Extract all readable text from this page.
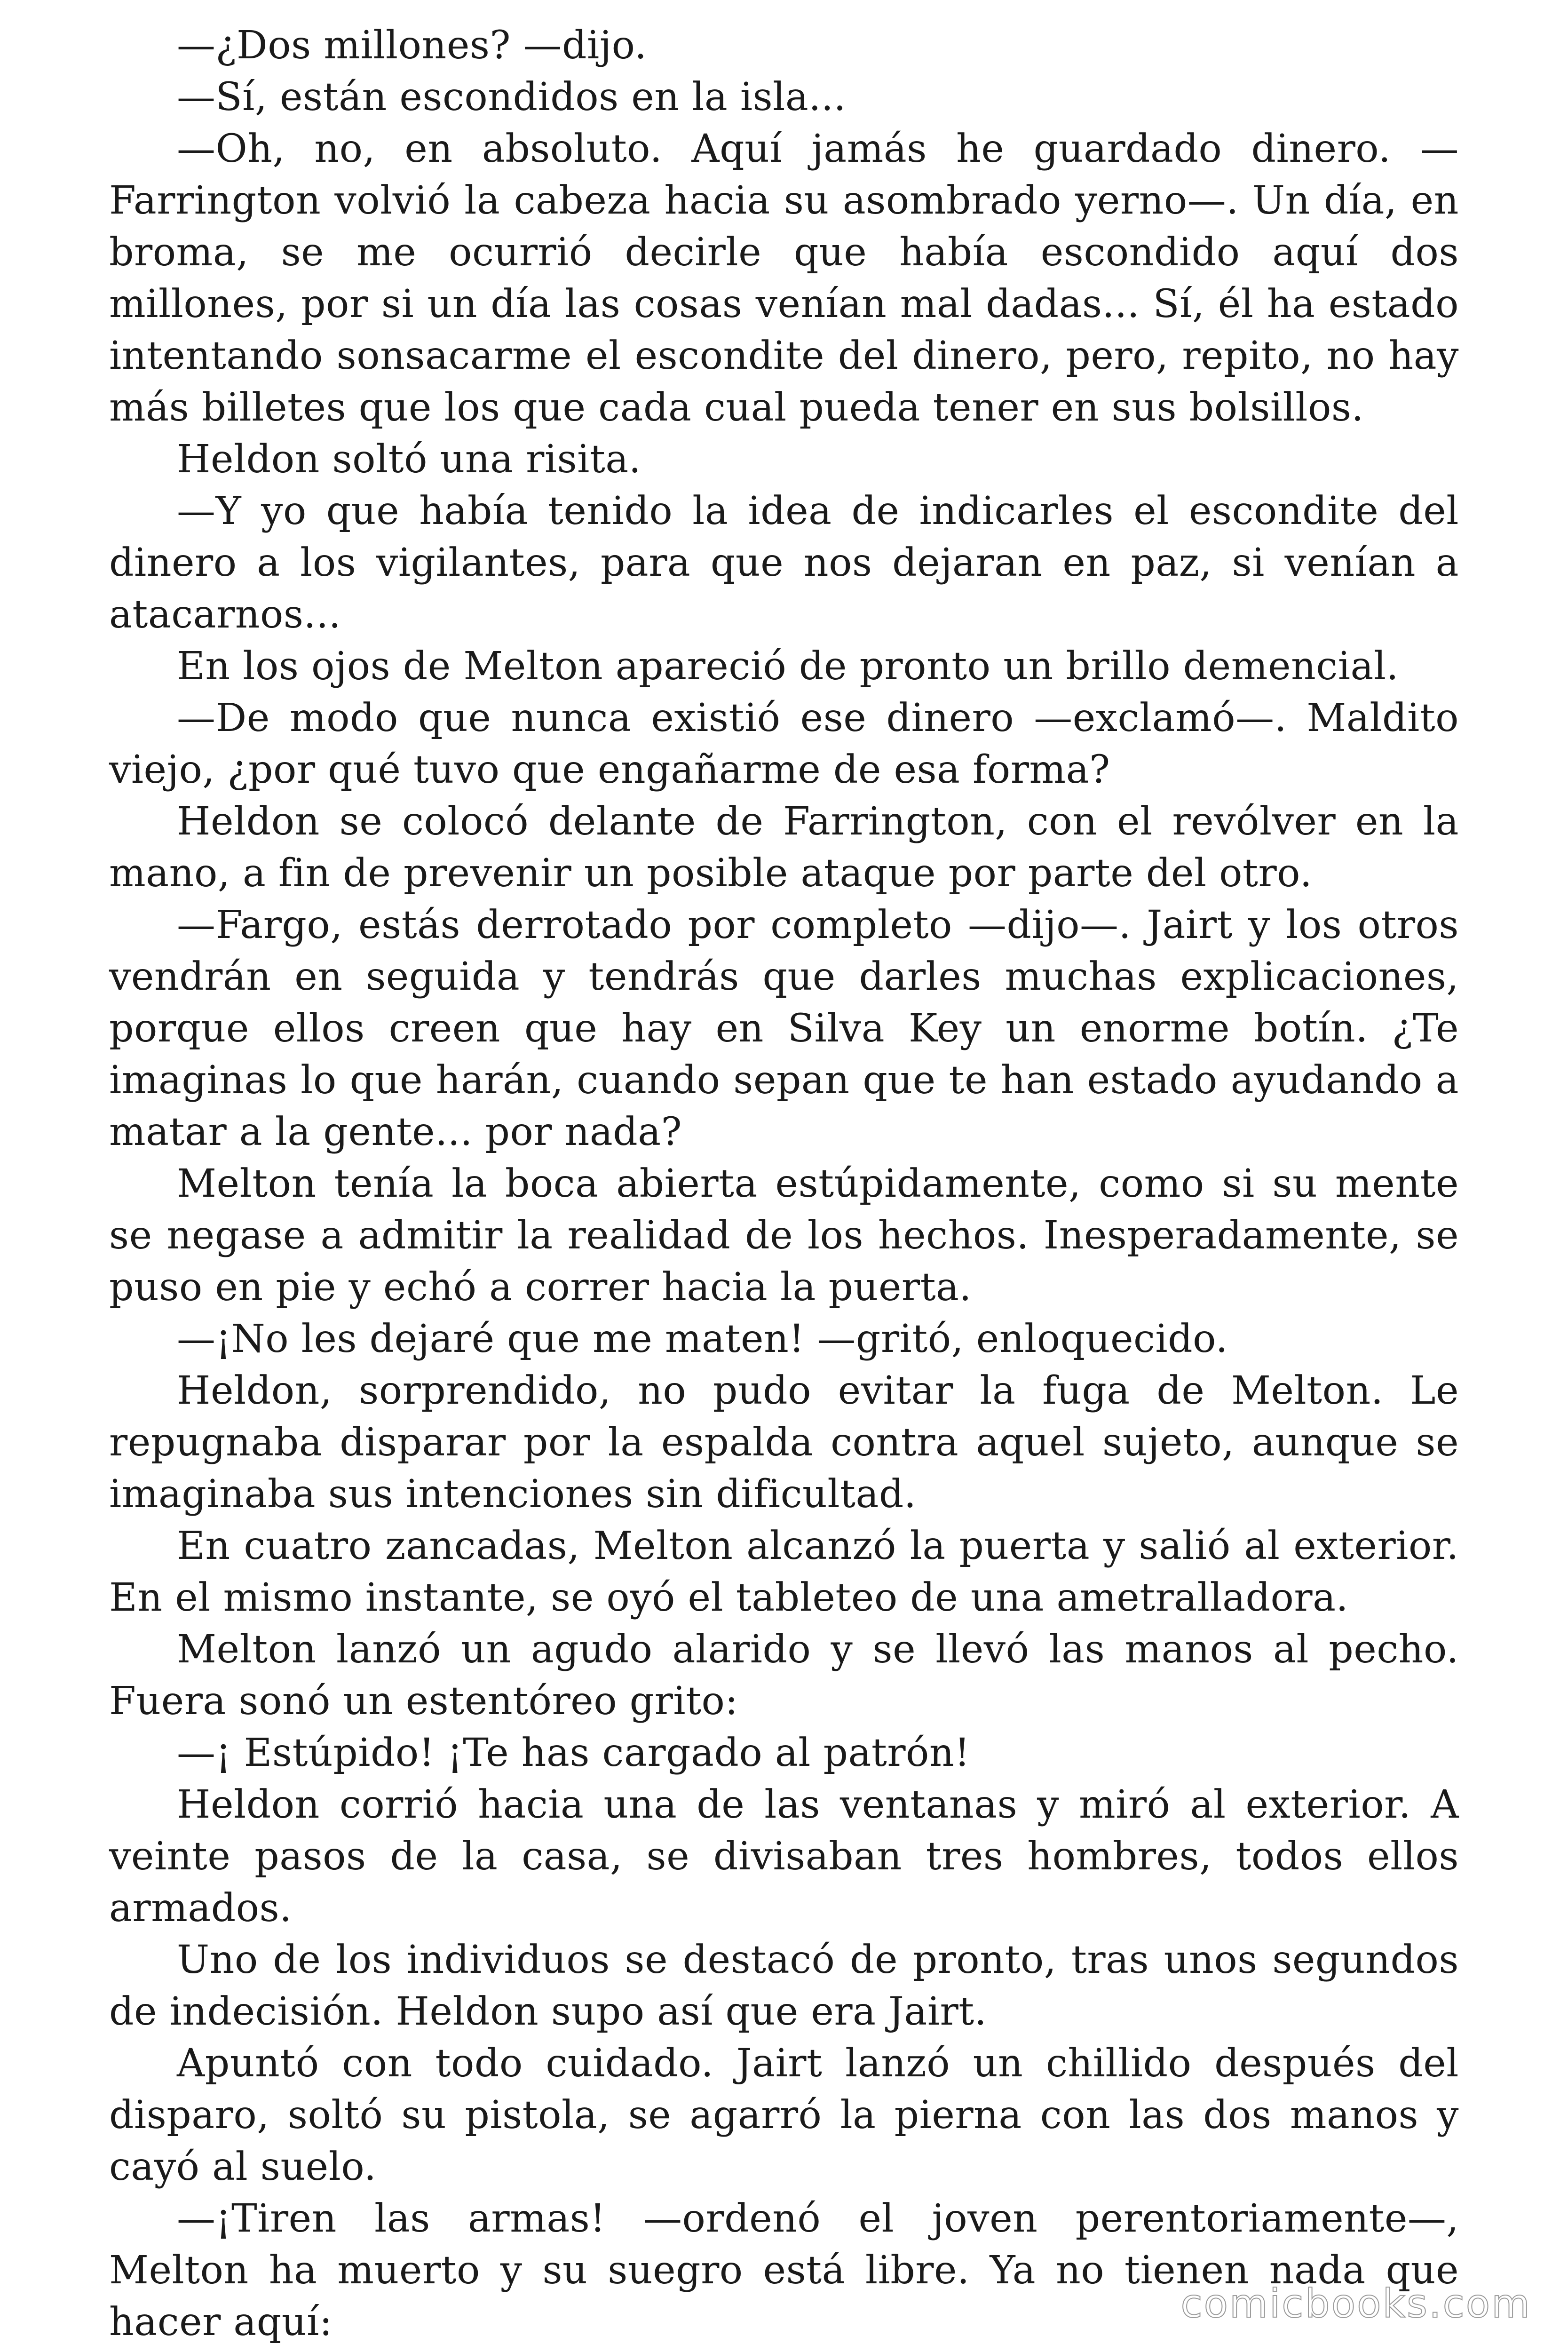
—¿Dos millones? —dijo.

—Sí, están escondidos en la isla...

—Oh, no, en absoluto. Aquí jamás he guardado dinero. —Farrington volvió la cabeza hacia su asombrado yerno—. Un día, en broma, se me ocurrió decirle que había escondido aquí dos millones, por si un día las cosas venían mal dadas... Sí, él ha estado intentando sonsacarme el escondite del dinero, pero, repito, no hay más billetes que los que cada cual pueda tener en sus bolsillos.

Heldon soltó una risita.

—Y yo que había tenido la idea de indicarles el escondite del dinero a los vigilantes, para que nos dejaran en paz, si venían a atacarnos...

En los ojos de Melton apareció de pronto un brillo demencial.

—De modo que nunca existió ese dinero —exclamó—. Maldito viejo, ¿por qué tuvo que engañarme de esa forma?

Heldon se colocó delante de Farrington, con el revólver en la mano, a fin de prevenir un posible ataque por parte del otro.

—Fargo, estás derrotado por completo —dijo—. Jairt y los otros vendrán en seguida y tendrás que darles muchas explicaciones, porque ellos creen que hay en Silva Key un enorme botín. ¿Te imaginas lo que harán, cuando sepan que te han estado ayudando a matar a la gente... por nada?

Melton tenía la boca abierta estúpidamente, como si su mente se negase a admitir la realidad de los hechos. Inesperadamente, se puso en pie y echó a correr hacia la puerta.

—¡No les dejaré que me maten! —gritó, enloquecido.

Heldon, sorprendido, no pudo evitar la fuga de Melton. Le repugnaba disparar por la espalda contra aquel sujeto, aunque se imaginaba sus intenciones sin dificultad.

En cuatro zancadas, Melton alcanzó la puerta y salió al exterior. En el mismo instante, se oyó el tableteo de una ametralladora.

Melton lanzó un agudo alarido y se llevó las manos al pecho. Fuera sonó un estentóreo grito:

—¡ Estúpido! ¡Te has cargado al patrón!

Heldon corrió hacia una de las ventanas y miró al exterior. A veinte pasos de la casa, se divisaban tres hombres, todos ellos armados.

Uno de los individuos se destacó de pronto, tras unos segundos de indecisión. Heldon supo así que era Jairt.

Apuntó con todo cuidado. Jairt lanzó un chillido después del disparo, soltó su pistola, se agarró la pierna con las dos manos y cayó al suelo.

—¡Tiren las armas! —ordenó el joven perentoriamente—, Melton ha muerto y su suegro está libre. Ya no tienen nada que hacer aquí:	comicbooks.com
